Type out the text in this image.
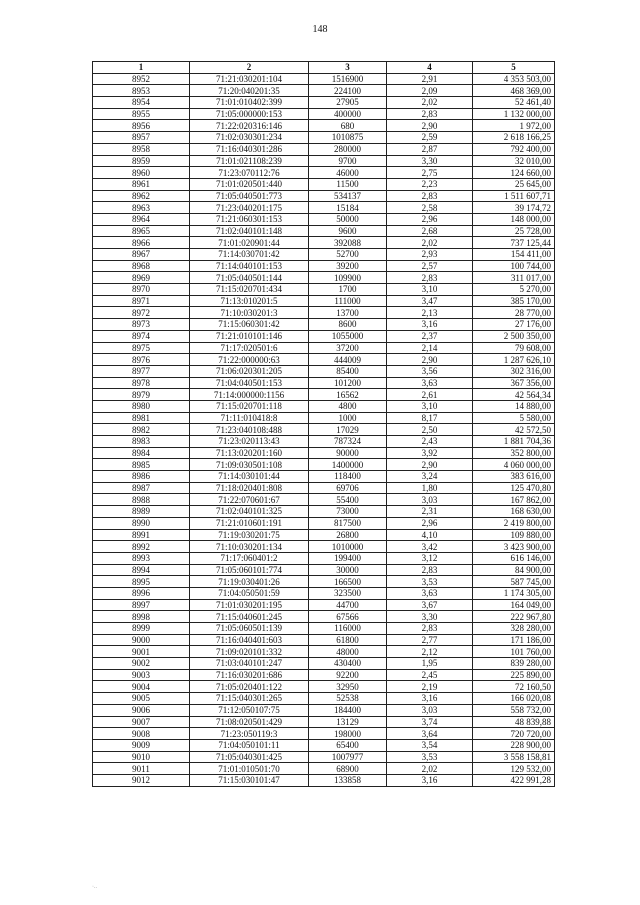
148
1	2	3	4	5
8952	71:21:030201:104	1516900	2,91	4 353 503,00
8953	71:20:040201:35	224100	2,09	468 369,00
8954	71:01:010402:399	27905	2,02	52 461,40
8955	71:05:000000:153	400000	2,83	1 132 000,00
8956	71:22:020316:146	680	2,90	1 972,00
8957	71:02:030301:234	1010875	2,59	2 618 166,25
8958	71:16:040301:286	280000	2,87	792 400,00
8959	71:01:021108:239	9700	3,30	32 010,00
8960	71:23:070112:76	46000	2,75	124 660,00
8961	71:01:020501:440	11500	2,23	25 645,00
8962	71:05:040501:773	534137	2,83	1 511 607,71
8963	71:23:040201:175	15184	2,58	39 174,72
8964	71:21:060301:153	50000	2,96	148 000,00
8965	71:02:040101:148	9600	2,68	25 728,00
8966	71:01:020901:44	392088	2,02	737 125,44
8967	71:14:030701:42	52700	2,93	154 411,00
8968	71:14:040101:153	39200	2,57	100 744,00
8969	71:05:040501:144	109900	2,83	311 017,00
8970	71:15:020701:434	1700	3,10	5 270,00
8971	71:13:010201:5	111000	3,47	385 170,00
8972	71:10:030201:3	13700	2,13	28 770,00
8973	71:15:060301:42	8600	3,16	27 176,00
8974	71:21:010101:146	1055000	2,37	2 500 350,00
8975	71:17:020501:6	37200	2,14	79 608,00
8976	71:22:000000:63	444009	2,90	1 287 626,10
8977	71:06:020301:205	85400	3,56	302 316,00
8978	71:04:040501:153	101200	3,63	367 356,00
8979	71:14:000000:1156	16562	2,61	42 564,34
8980	71:15:020701:118	4800	3,10	14 880,00
8981	71:11:010418:8	1000	8,17	5 580,00
8982	71:23:040108:488	17029	2,50	42 572,50
8983	71:23:020113:43	787324	2,43	1 881 704,36
8984	71:13:020201:160	90000	3,92	352 800,00
8985	71:09:030501:108	1400000	2,90	4 060 000,00
8986	71:14:030101:44	118400	3,24	383 616,00
8987	71:18:020401:808	69706	1,80	125 470,80
8988	71:22:070601:67	55400	3,03	167 862,00
8989	71:02:040101:325	73000	2,31	168 630,00
8990	71:21:010601:191	817500	2,96	2 419 800,00
8991	71:19:030201:75	26800	4,10	109 880,00
8992	71:10:030201:134	1010000	3,42	3 423 900,00
8993	71:17:060401:2	199400	3,12	616 146,00
8994	71:05:060101:774	30000	2,83	84 900,00
8995	71:19:030401:26	166500	3,53	587 745,00
8996	71:04:050501:59	323500	3,63	1 174 305,00
8997	71:01:030201:195	44700	3,67	164 049,00
8998	71:15:040601:245	67566	3,30	222 967,80
8999	71:05:060501:139	116000	2,83	328 280,00
9000	71:16:040401:603	61800	2,77	171 186,00
9001	71:09:020101:332	48000	2,12	101 760,00
9002	71:03:040101:247	430400	1,95	839 280,00
9003	71:16:030201:686	92200	2,45	225 890,00
9004	71:05:020401:122	32950	2,19	72 160,50
9005	71:15:040301:265	52538	3,16	166 020,08
9006	71:12:050107:75	184400	3,03	558 732,00
9007	71:08:020501:429	13129	3,74	48 839,88
9008	71:23:050119:3	198000	3,64	720 720,00
9009	71:04:050101:11	65400	3,54	228 900,00
9010	71:05:040301:425	1007977	3,53	3 558 158,81
9011	71:01:010501:70	68900	2,02	129 532,00
9012	71:15:030101:47	133858	3,16	422 991,28
·..
